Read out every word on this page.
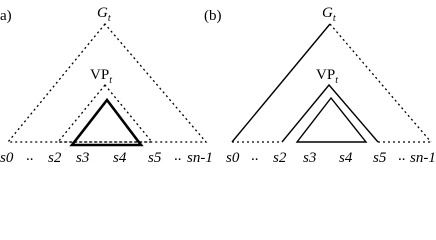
a)	$G_t$
$VP_t$
s0 .. s2 s3 s4 s5 .. sn-1
(b)	$G_t$
$VP_t$
s0 .. s2 s3 s4 s5 .. sn-1
